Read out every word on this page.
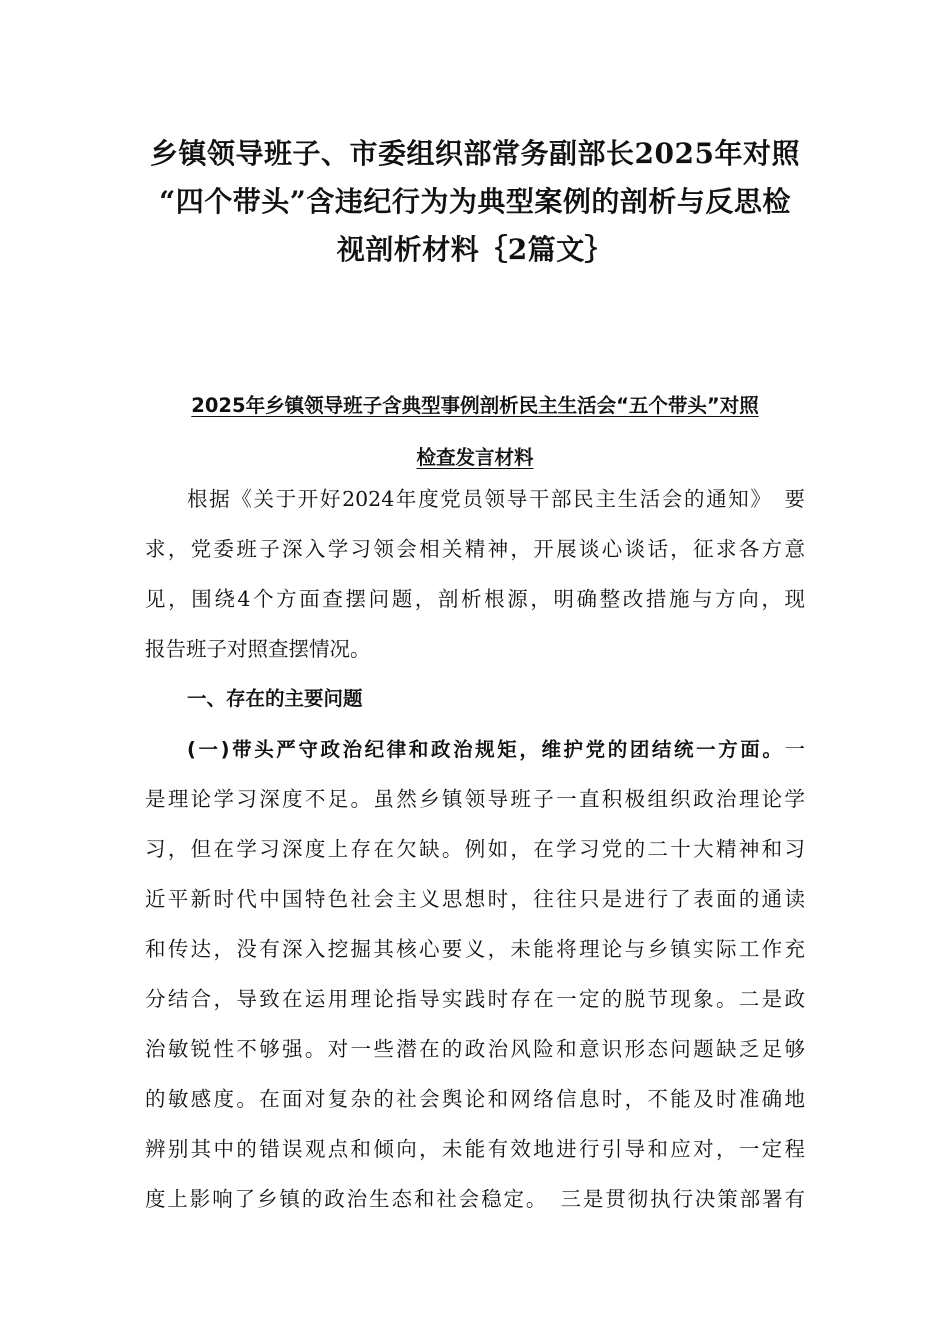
乡镇领导班子、市委组织部常务副部长2025年对照
“四个带头”含违纪行为为典型案例的剖析与反思检
视剖析材料｛2篇文｝
2025年乡镇领导班子含典型事例剖析民主生活会“五个带头”对照
检查发言材料
根据《关于开好2024年度党员领导干部民主生活会的通知》　要
求，党委班子深入学习领会相关精神，开展谈心谈话，征求各方意
见，围绕4个方面查摆问题，剖析根源，明确整改措施与方向，现
报告班子对照查摆情况。
一、存在的主要问题
(一)带头严守政治纪律和政治规矩，维护党的团结统一方面。一
是理论学习深度不足。虽然乡镇领导班子一直积极组织政治理论学
习，但在学习深度上存在欠缺。例如，在学习党的二十大精神和习
近平新时代中国特色社会主义思想时，往往只是进行了表面的通读
和传达，没有深入挖掘其核心要义，未能将理论与乡镇实际工作充
分结合，导致在运用理论指导实践时存在一定的脱节现象。二是政
治敏锐性不够强。对一些潜在的政治风险和意识形态问题缺乏足够
的敏感度。在面对复杂的社会舆论和网络信息时，不能及时准确地
辨别其中的错误观点和倾向，未能有效地进行引导和应对，一定程
度上影响了乡镇的政治生态和社会稳定。　三是贯彻执行决策部署有
